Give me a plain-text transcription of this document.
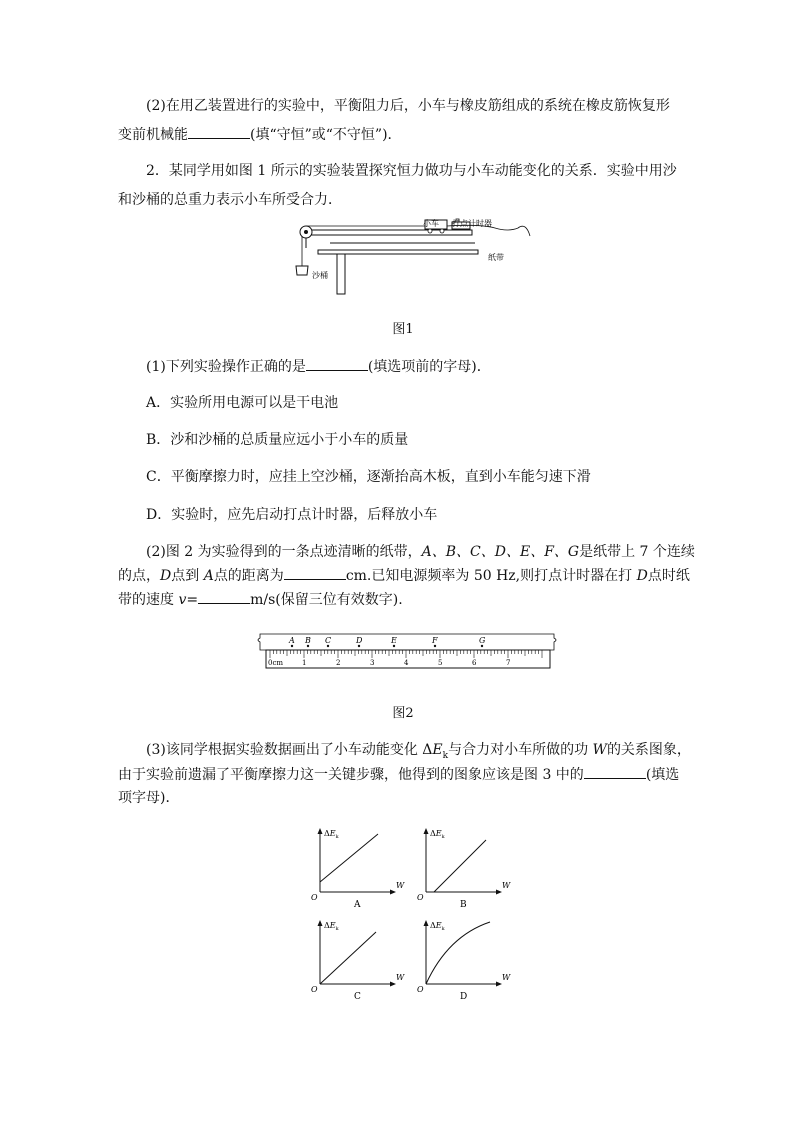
(2)在用乙装置进行的实验中，平衡阻力后，小车与橡皮筋组成的系统在橡皮筋恢复形变前机械能	(填“守恒”或“不守恒”)．
2．某同学用如图 1 所示的实验装置探究恒力做功与小车动能变化的关系．实验中用沙和沙桶的总重力表示小车所受合力．
沙桶
小车 打点计时器
纸带
图1
(1)下列实验操作正确的是	(填选项前的字母)．
A．实验所用电源可以是干电池
B．沙和沙桶的总质量应远小于小车的质量
C．平衡摩擦力时，应挂上空沙桶，逐渐抬高木板，直到小车能匀速下滑
D．实验时，应先启动打点计时器，后释放小车
(2)图 2 为实验得到的一条点迹清晰的纸带，A、B、C、D、E、F、G是纸带上 7 个连续
的点，D点到 A点的距离为	cm.已知电源频率为 50 Hz,则打点计时器在打 D点时纸
带的速度 v=	m/s(保留三位有效数字).
0cm	1	2	3	4	5	6	7
A B C	D	E	F	G
图2
(3)该同学根据实验数据画出了小车动能变化 $\Delta E_k$与合力对小车所做的功 W的关系图象，
由于实验前遗漏了平衡摩擦力这一关键步骤，他得到的图象应该是图 3 中的	(填选
项字母)．
$\Delta E_k$
W
O
A
$\Delta E_k$
W
O
B
$\Delta E_k$
W
O
C
$\Delta E_k$
W
O
D
